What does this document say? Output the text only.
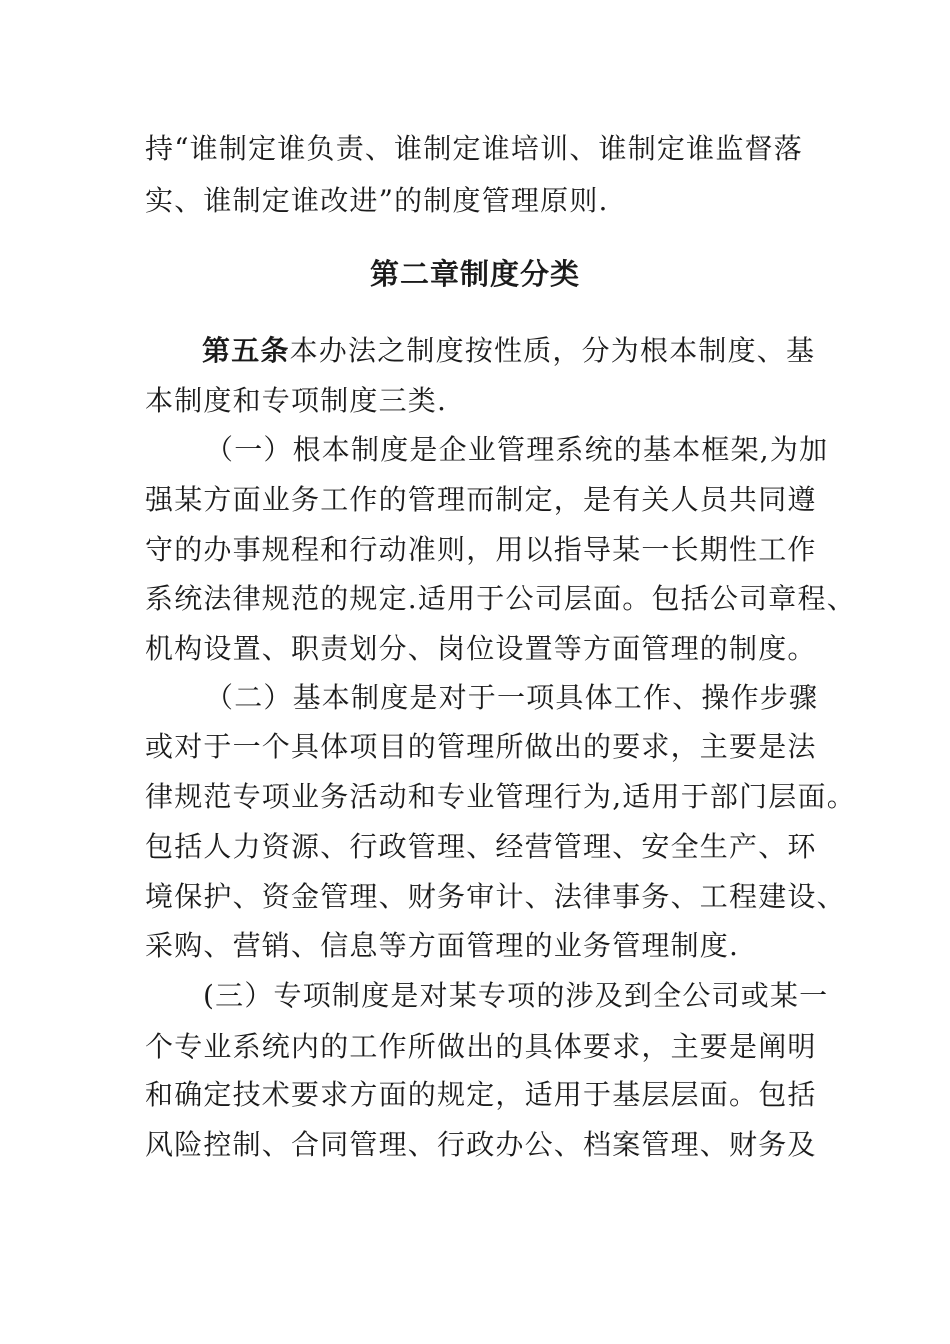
持“谁制定谁负责、谁制定谁培训、谁制定谁监督落
实、谁制定谁改进”的制度管理原则.
第二章制度分类
第五条本办法之制度按性质，分为根本制度、基
本制度和专项制度三类.
（一）根本制度是企业管理系统的基本框架,为加
强某方面业务工作的管理而制定，是有关人员共同遵
守的办事规程和行动准则，用以指导某一长期性工作
系统法律规范的规定.适用于公司层面。包括公司章程、
机构设置、职责划分、岗位设置等方面管理的制度。
（二）基本制度是对于一项具体工作、操作步骤
或对于一个具体项目的管理所做出的要求，主要是法
律规范专项业务活动和专业管理行为,适用于部门层面。
包括人力资源、行政管理、经营管理、安全生产、环
境保护、资金管理、财务审计、法律事务、工程建设、
采购、营销、信息等方面管理的业务管理制度.
(三）专项制度是对某专项的涉及到全公司或某一
个专业系统内的工作所做出的具体要求，主要是阐明
和确定技术要求方面的规定，适用于基层层面。包括
风险控制、合同管理、行政办公、档案管理、财务及
